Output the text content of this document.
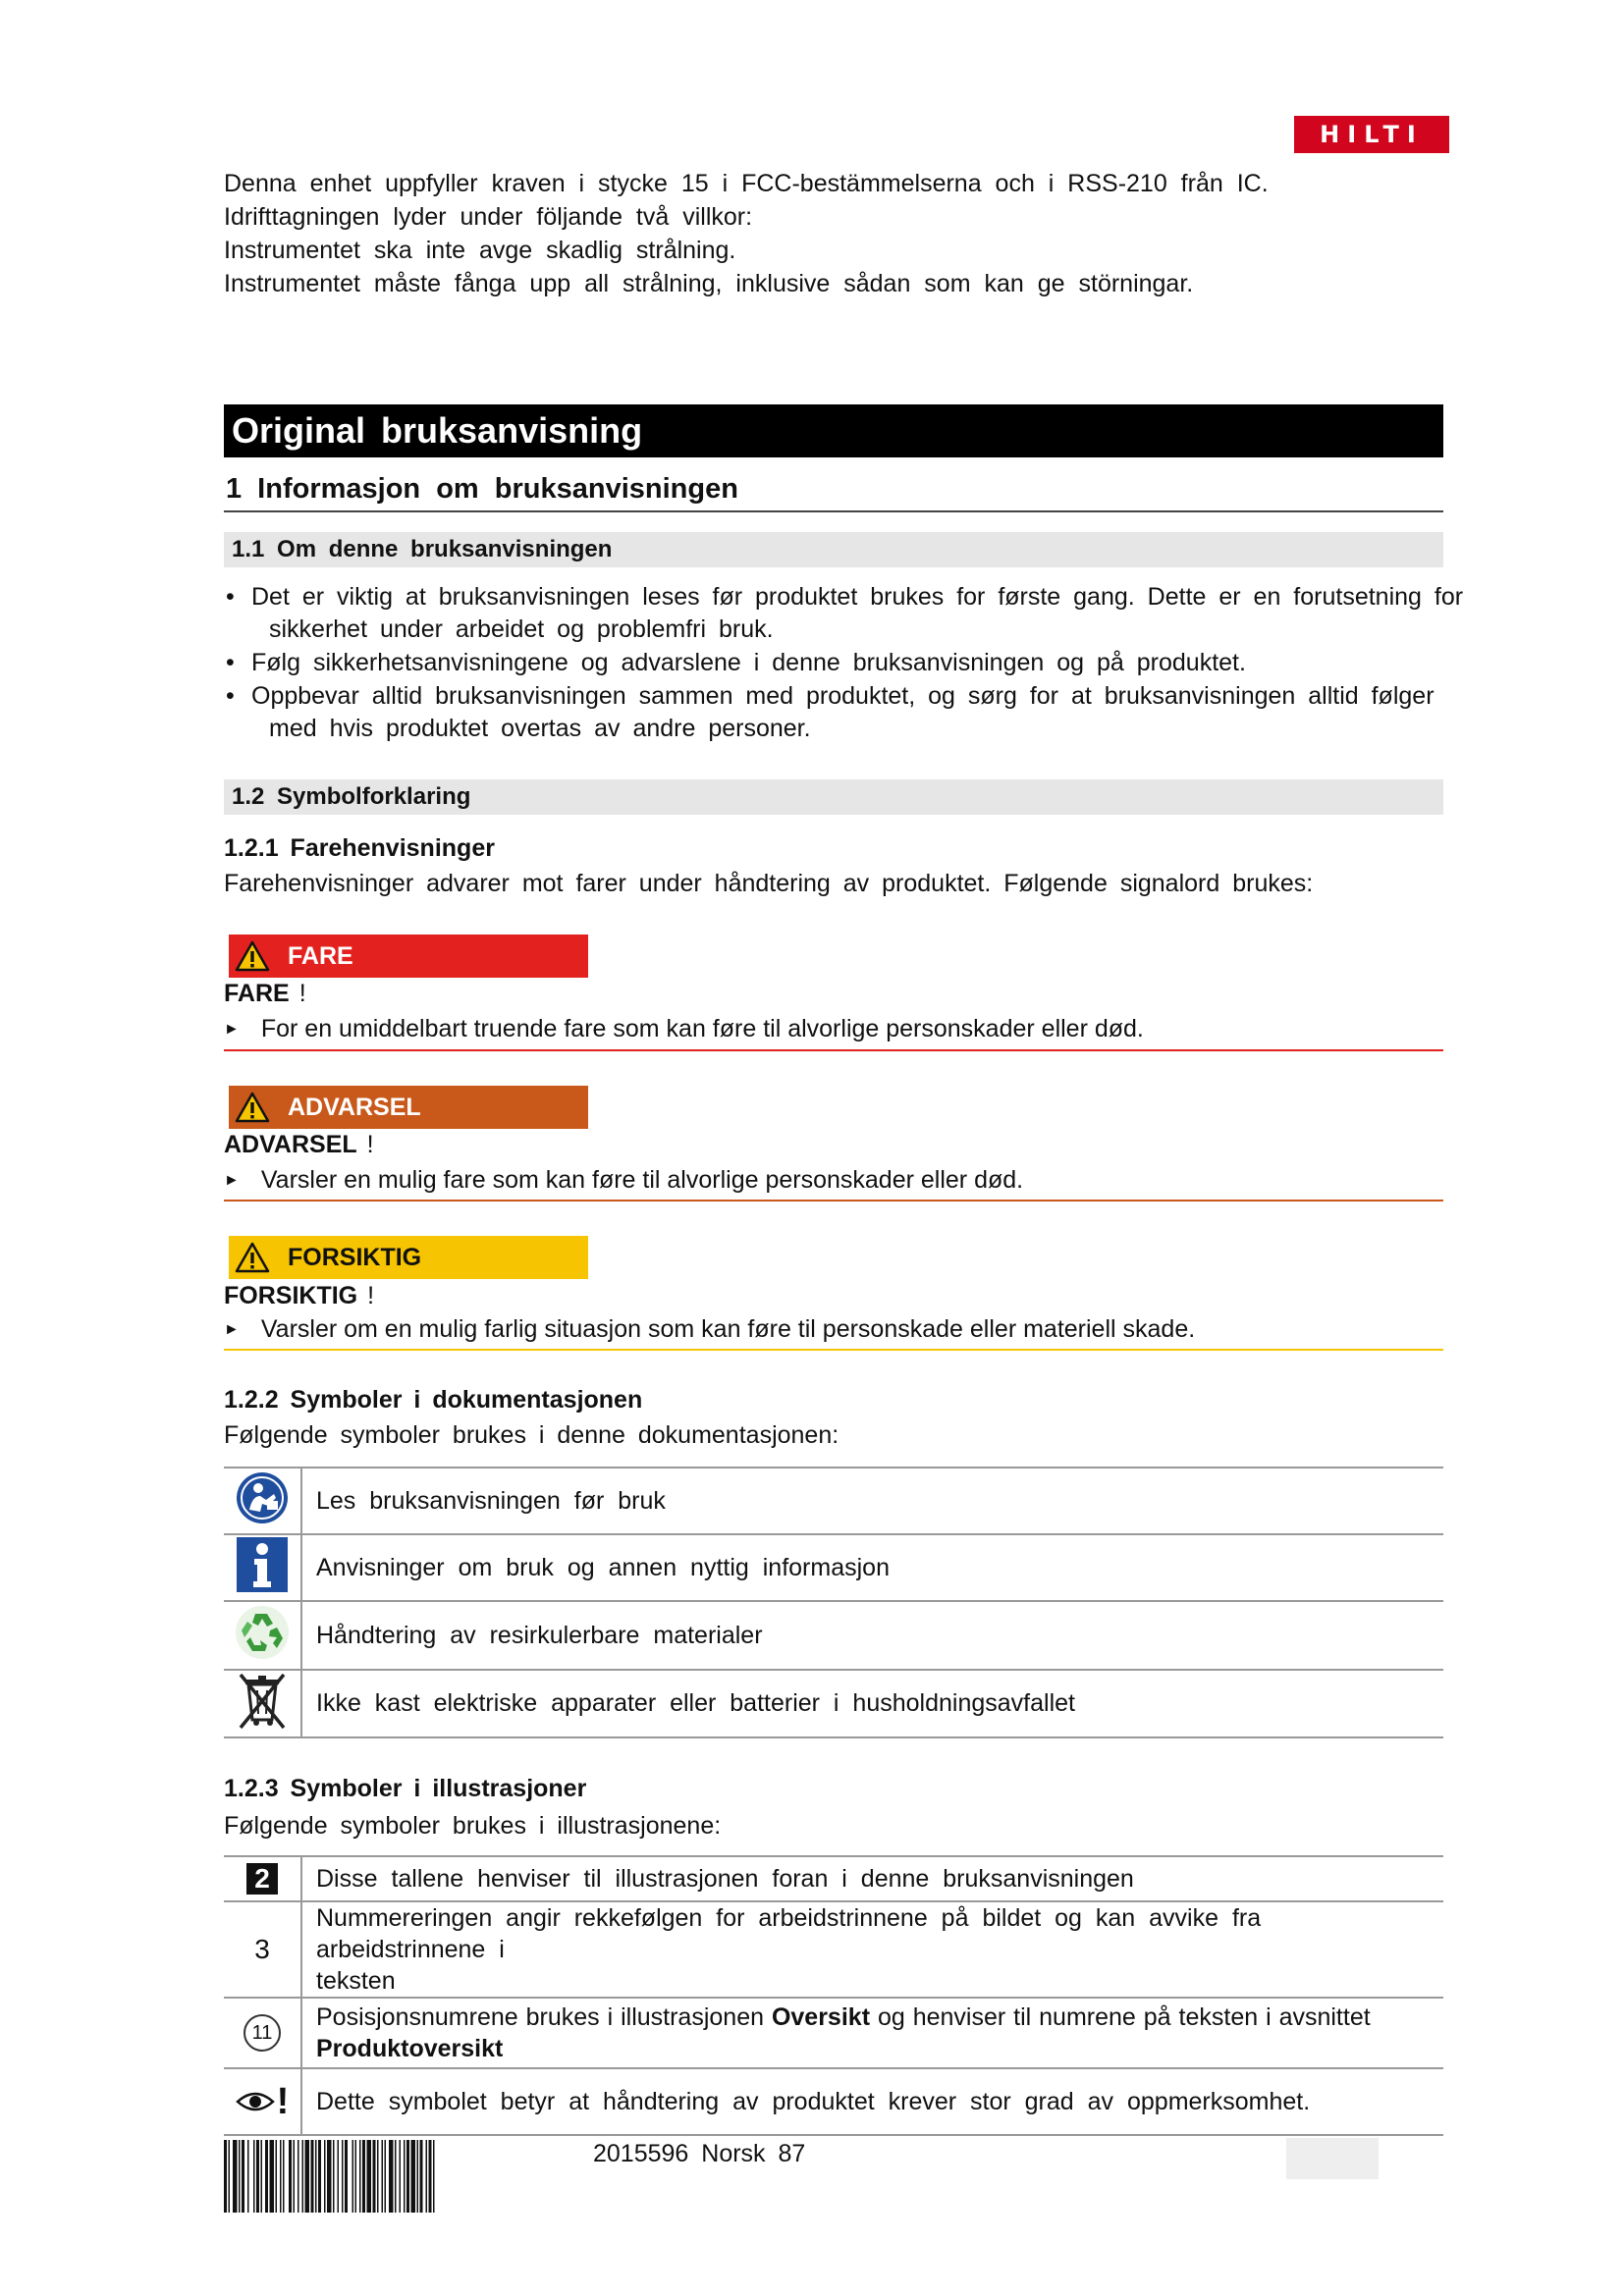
HILTI

Denna enhet uppfyller kraven i stycke 15 i FCC-bestämmelserna och i RSS-210 från IC.

Idrifttagningen lyder under följande två villkor:

Instrumentet ska inte avge skadlig strålning.

Instrumentet måste fånga upp all strålning, inklusive sådan som kan ge störningar.

Original bruksanvisning
1 Informasjon om bruksanvisningen
1.1 Om denne bruksanvisningen
• Det er viktig at bruksanvisningen leses før produktet brukes for første gang. Dette er en forutsetning for
sikkerhet under arbeidet og problemfri bruk.
• Følg sikkerhetsanvisningene og advarslene i denne bruksanvisningen og på produktet.
• Oppbevar alltid bruksanvisningen sammen med produktet, og sørg for at bruksanvisningen alltid følger
med hvis produktet overtas av andre personer.
1.2 Symbolforklaring
1.2.1 Farehenvisninger
Farehenvisninger advarer mot farer under håndtering av produktet. Følgende signalord brukes:
FARE
FARE !
► For en umiddelbart truende fare som kan føre til alvorlige personskader eller død.
ADVARSEL
ADVARSEL !
► Varsler en mulig fare som kan føre til alvorlige personskader eller død.
FORSIKTIG
FORSIKTIG !
► Varsler om en mulig farlig situasjon som kan føre til personskade eller materiell skade.
1.2.2 Symboler i dokumentasjonen
Følgende symboler brukes i denne dokumentasjonen:
	Les bruksanvisningen før bruk
	Anvisninger om bruk og annen nyttig informasjon
	Håndtering av resirkulerbare materialer
	Ikke kast elektriske apparater eller batterier i husholdningsavfallet
1.2.3 Symboler i illustrasjoner
Følgende symboler brukes i illustrasjonene:
2	Disse tallene henviser til illustrasjonen foran i denne bruksanvisningen
3	Nummereringen angir rekkefølgen for arbeidstrinnene på bildet og kan avvike fra arbeidstrinnene i
teksten

11	Posisjonsnumrene brukes i illustrasjonen Oversikt og henviser til numrene på teksten i avsnittet
Produktoversikt

!	Dette symbolet betyr at håndtering av produktet krever stor grad av oppmerksomhet.
2015596 Norsk 87
